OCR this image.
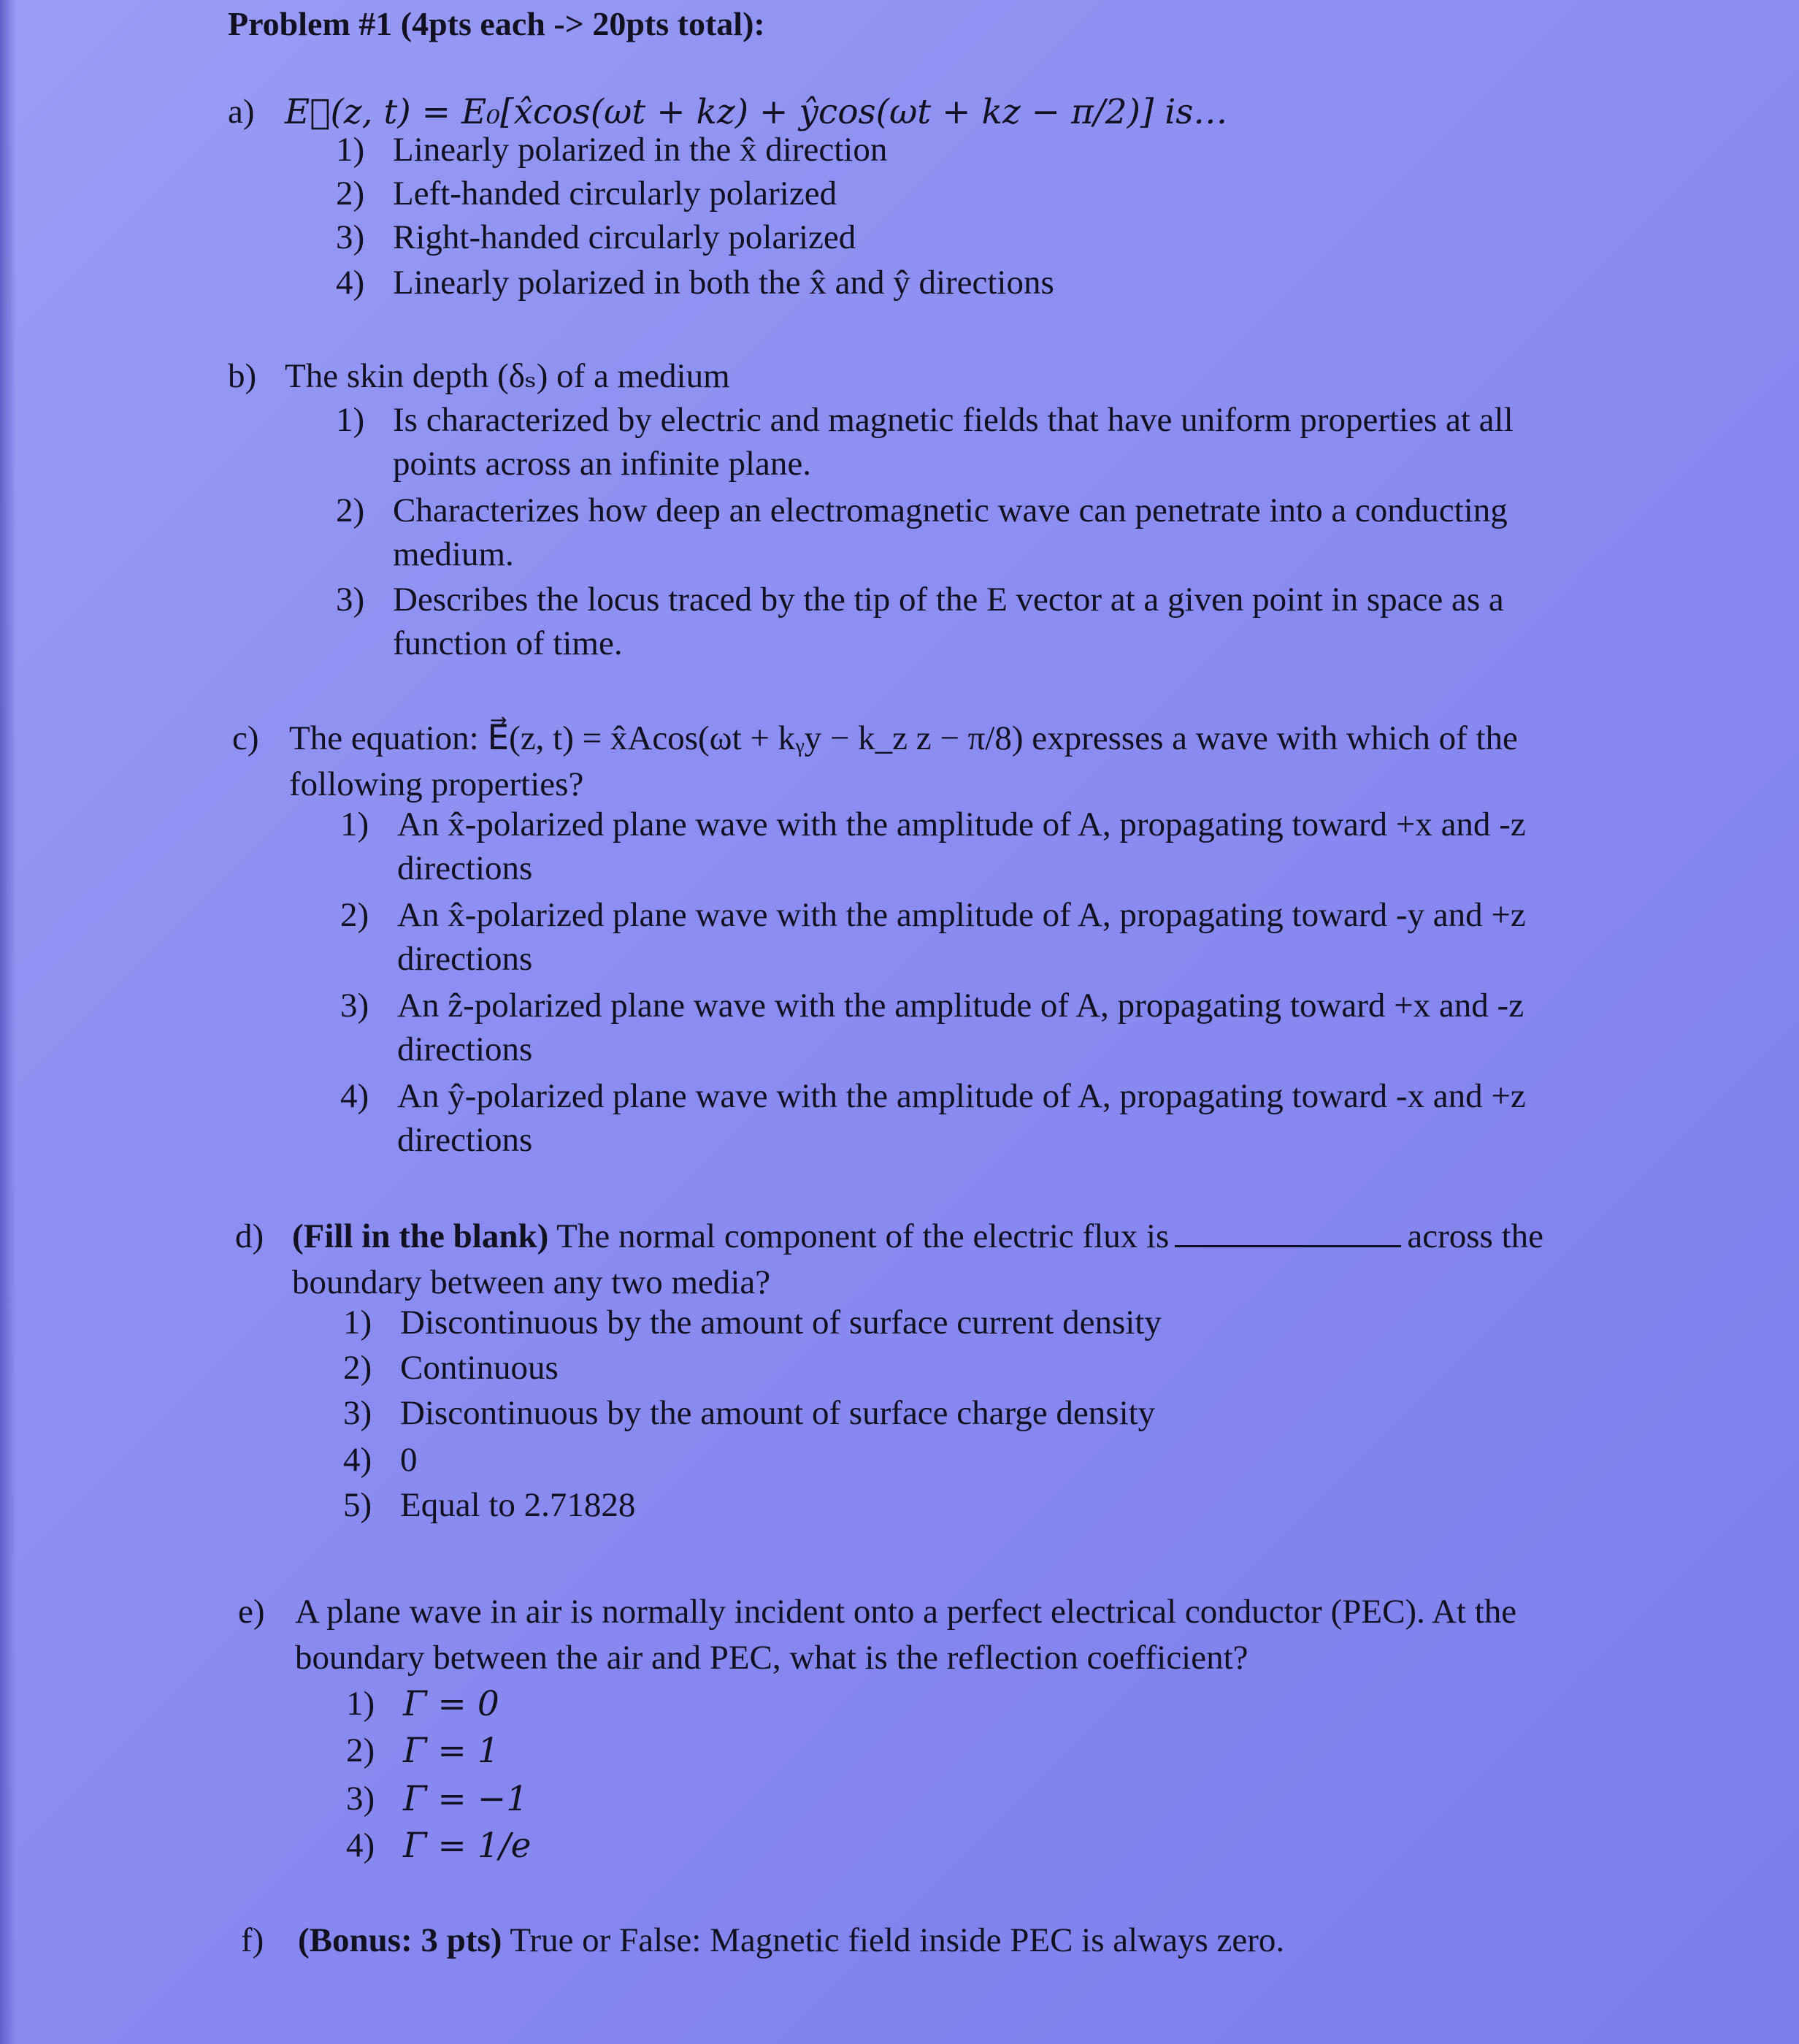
Problem #1 (4pts each -> 20pts total):
a) E⃗(z, t) = E₀[x̂cos(ωt + kz) + ŷcos(ωt + kz − π/2)] is…
1) Linearly polarized in the x̂ direction
2) Left-handed circularly polarized
3) Right-handed circularly polarized
4) Linearly polarized in both the x̂ and ŷ directions
b) The skin depth (δₛ) of a medium
1) Is characterized by electric and magnetic fields that have uniform properties at all
points across an infinite plane.
2) Characterizes how deep an electromagnetic wave can penetrate into a conducting
medium.
3) Describes the locus traced by the tip of the E vector at a given point in space as a
function of time.
c) The equation: E⃗(z, t) = x̂Acos(ωt + kᵧy − k_z z − π/8) expresses a wave with which of the
following properties?
1) An x̂-polarized plane wave with the amplitude of A, propagating toward +x and -z
directions
2) An x̂-polarized plane wave with the amplitude of A, propagating toward -y and +z
directions
3) An ẑ-polarized plane wave with the amplitude of A, propagating toward +x and -z
directions
4) An ŷ-polarized plane wave with the amplitude of A, propagating toward -x and +z
directions
d) (Fill in the blank) The normal component of the electric flux is	across the
boundary between any two media?
1) Discontinuous by the amount of surface current density
2) Continuous
3) Discontinuous by the amount of surface charge density
4) 0
5) Equal to 2.71828
e) A plane wave in air is normally incident onto a perfect electrical conductor (PEC). At the
boundary between the air and PEC, what is the reflection coefficient?
1) Γ = 0
2) Γ = 1
3) Γ = −1
4) Γ = 1/e
f) (Bonus: 3 pts) True or False: Magnetic field inside PEC is always zero.
